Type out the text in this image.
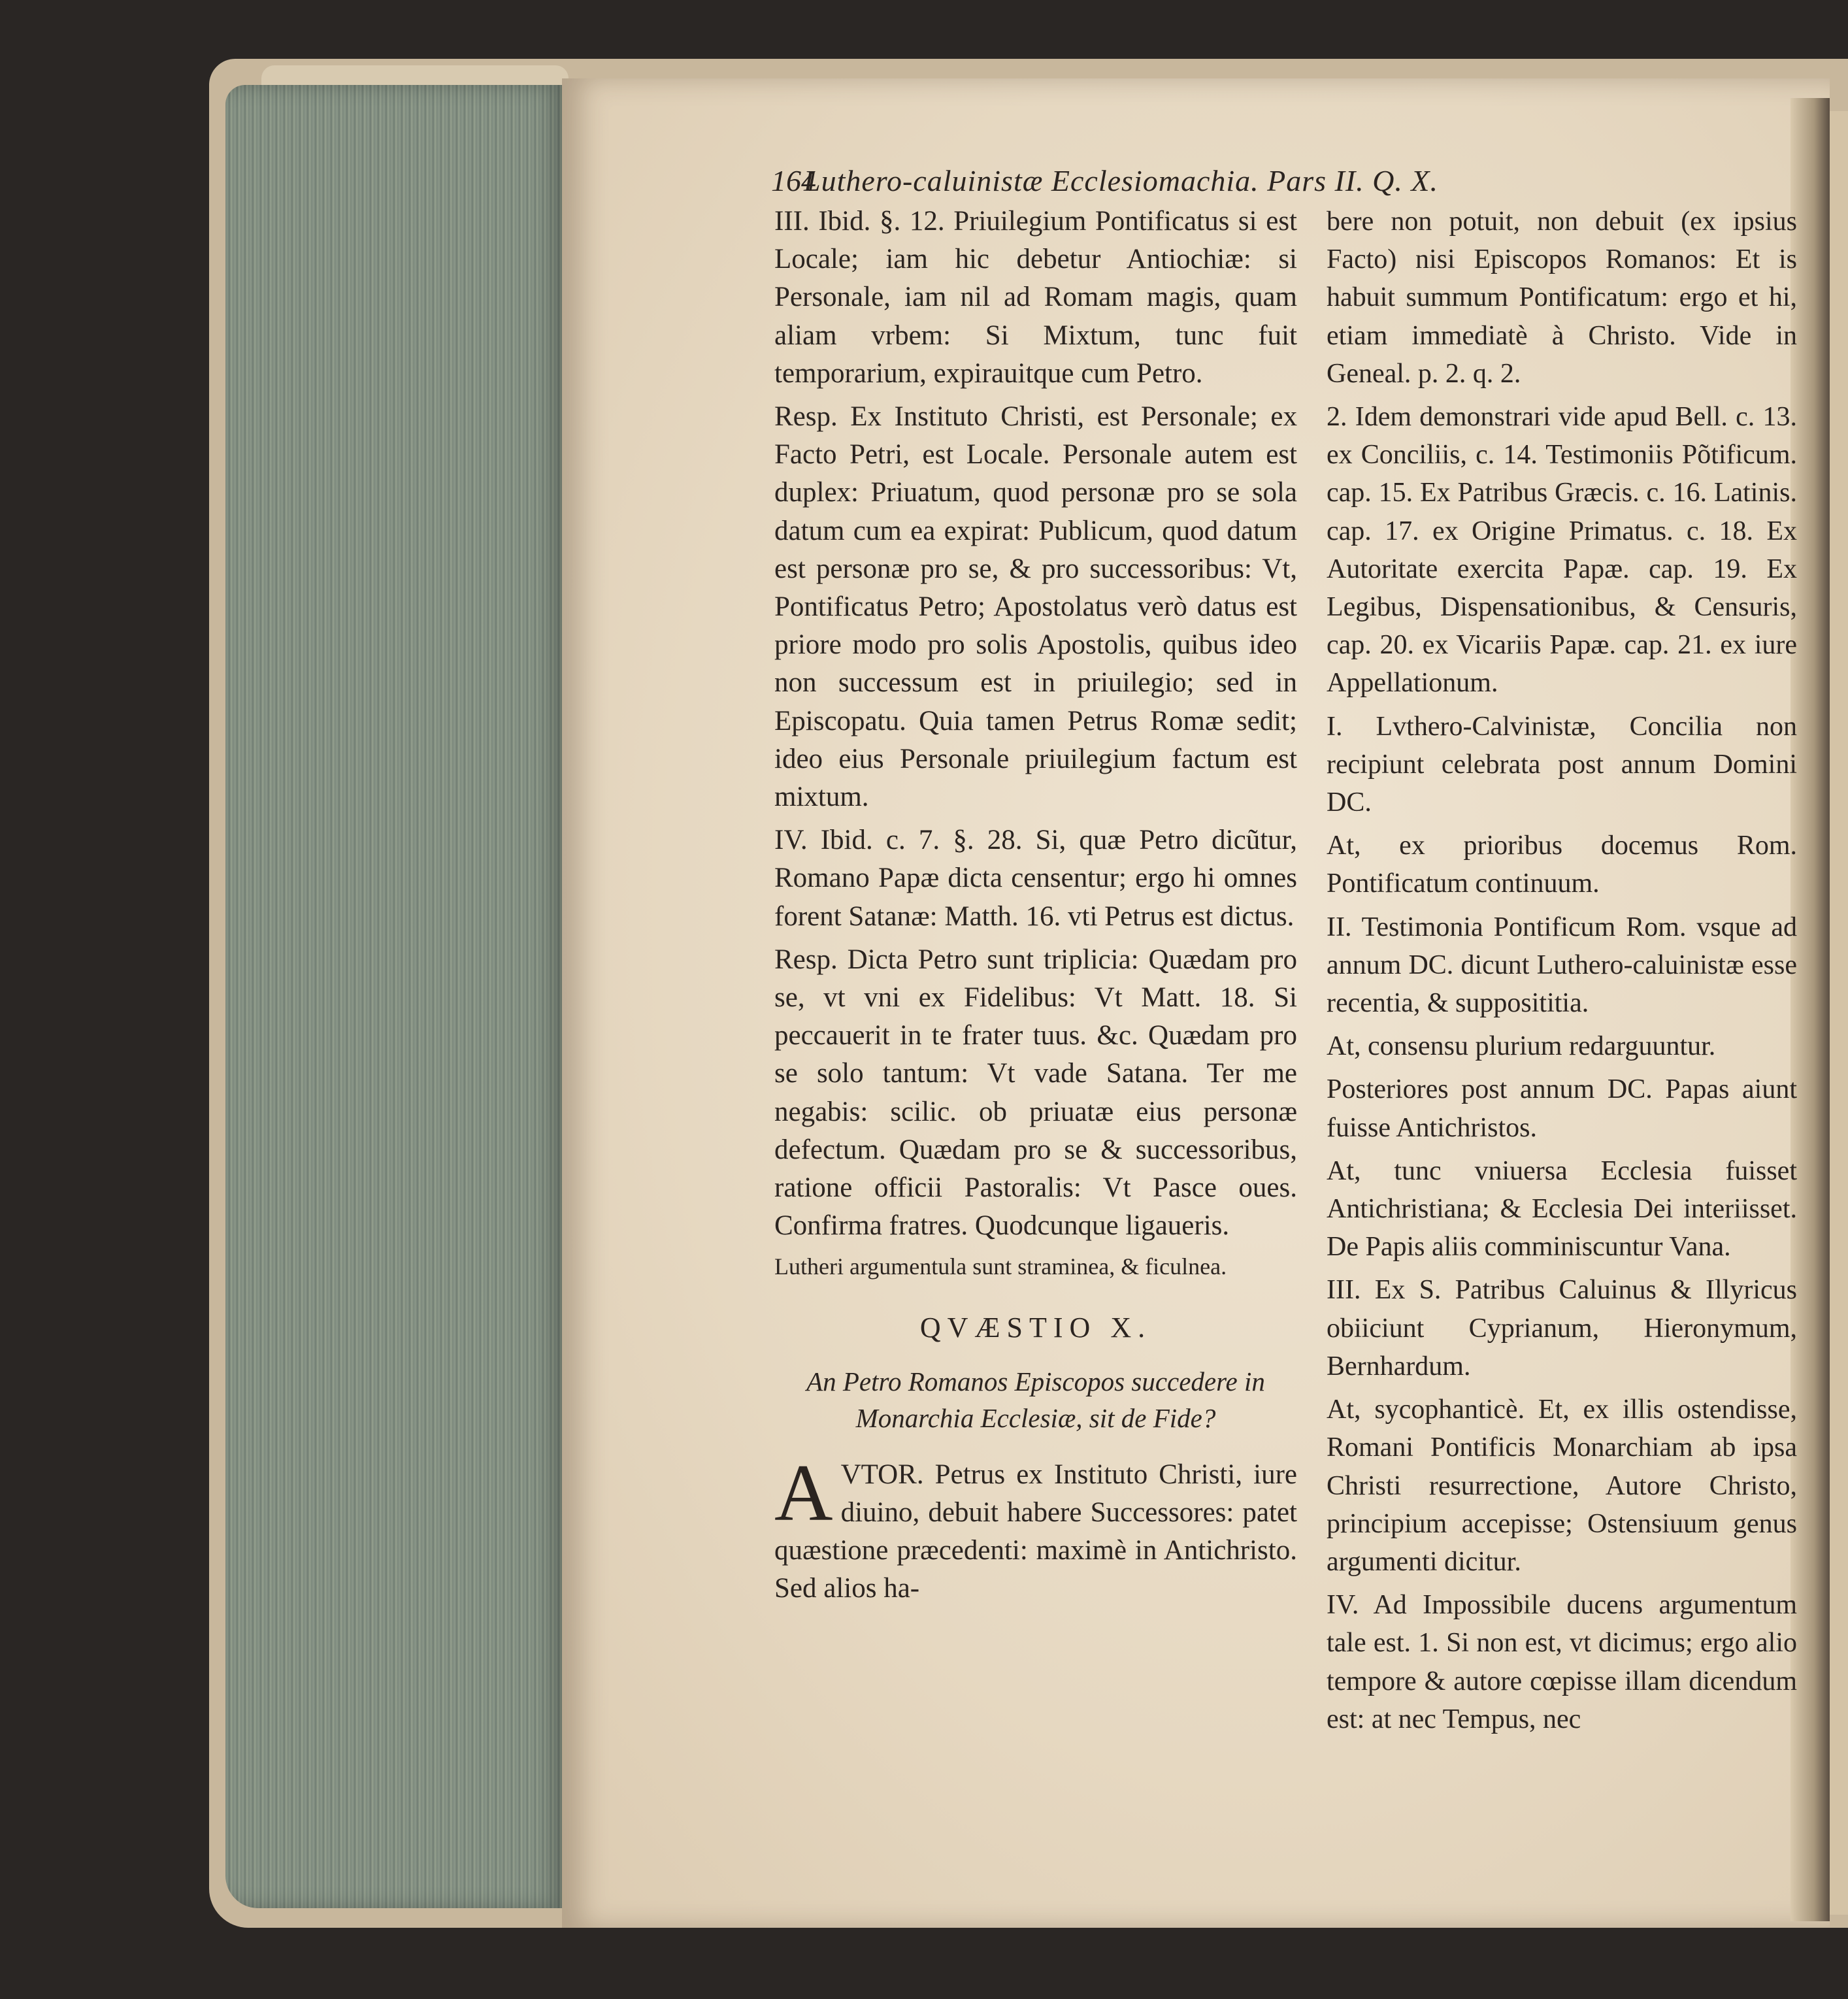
164
Luthero-caluinistæ Ecclesiomachia. Pars II. Q. X.

III. Ibid. §. 12. Priuilegium Pontificatus si est Locale; iam hic debetur Antiochiæ: si Personale, iam nil ad Romam magis, quam aliam vrbem: Si Mixtum, tunc fuit temporarium, expirauitque cum Petro.

Resp. Ex Instituto Christi, est Personale; ex Facto Petri, est Locale. Personale autem est duplex: Priuatum, quod personæ pro se sola datum cum ea expirat: Publicum, quod datum est personæ pro se, & pro successoribus: Vt, Pontificatus Petro; Apostolatus verò datus est priore modo pro solis Apostolis, quibus ideo non successum est in priuilegio; sed in Episcopatu. Quia tamen Petrus Romæ sedit; ideo eius Personale priuilegium factum est mixtum.

IV. Ibid. c. 7. §. 28. Si, quæ Petro dicũtur, Romano Papæ dicta censentur; ergo hi omnes forent Satanæ: Matth. 16. vti Petrus est dictus.

Resp. Dicta Petro sunt triplicia: Quædam pro se, vt vni ex Fidelibus: Vt Matt. 18. Si peccauerit in te frater tuus. &c. Quædam pro se solo tantum: Vt vade Satana. Ter me negabis: scilic. ob priuatæ eius personæ defectum. Quædam pro se & successoribus, ratione officii Pastoralis: Vt Pasce oues. Confirma fratres. Quodcunque ligaueris.

Lutheri argumentula sunt straminea, & ficulnea.

QVÆSTIO X.

An Petro Romanos Episcopos succedere in Monarchia Ecclesiæ, sit de Fide?

AVTOR. Petrus ex Instituto Christi, iure diuino, debuit habere Successores: patet quæstione præcedenti: maximè in Antichristo. Sed alios ha-

bere non potuit, non debuit (ex ipsius Facto) nisi Episcopos Romanos: Et is habuit summum Pontificatum: ergo et hi, etiam immediatè à Christo. Vide in Geneal. p. 2. q. 2.

2. Idem demonstrari vide apud Bell. c. 13. ex Conciliis, c. 14. Testimoniis Põtificum. cap. 15. Ex Patribus Græcis. c. 16. Latinis. cap. 17. ex Origine Primatus. c. 18. Ex Autoritate exercita Papæ. cap. 19. Ex Legibus, Dispensationibus, & Censuris, cap. 20. ex Vicariis Papæ. cap. 21. ex iure Appellationum.

I. Lvthero-Calvinistæ, Concilia non recipiunt celebrata post annum Domini DC.

At, ex prioribus docemus Rom. Pontificatum continuum.

II. Testimonia Pontificum Rom. vsque ad annum DC. dicunt Luthero-caluinistæ esse recentia, & supposititia.

At, consensu plurium redarguuntur.

Posteriores post annum DC. Papas aiunt fuisse Antichristos.

At, tunc vniuersa Ecclesia fuisset Antichristiana; & Ecclesia Dei interiisset. De Papis aliis comminiscuntur Vana.

III. Ex S. Patribus Caluinus & Illyricus obiiciunt Cyprianum, Hieronymum, Bernhardum.

At, sycophanticè. Et, ex illis ostendisse, Romani Pontificis Monarchiam ab ipsa Christi resurrectione, Autore Christo, principium accepisse; Ostensiuum genus argumenti dicitur.

IV. Ad Impossibile ducens argumentum tale est. 1. Si non est, vt dicimus; ergo alio tempore & autore cœpisse illam dicendum est: at nec Tempus, nec
